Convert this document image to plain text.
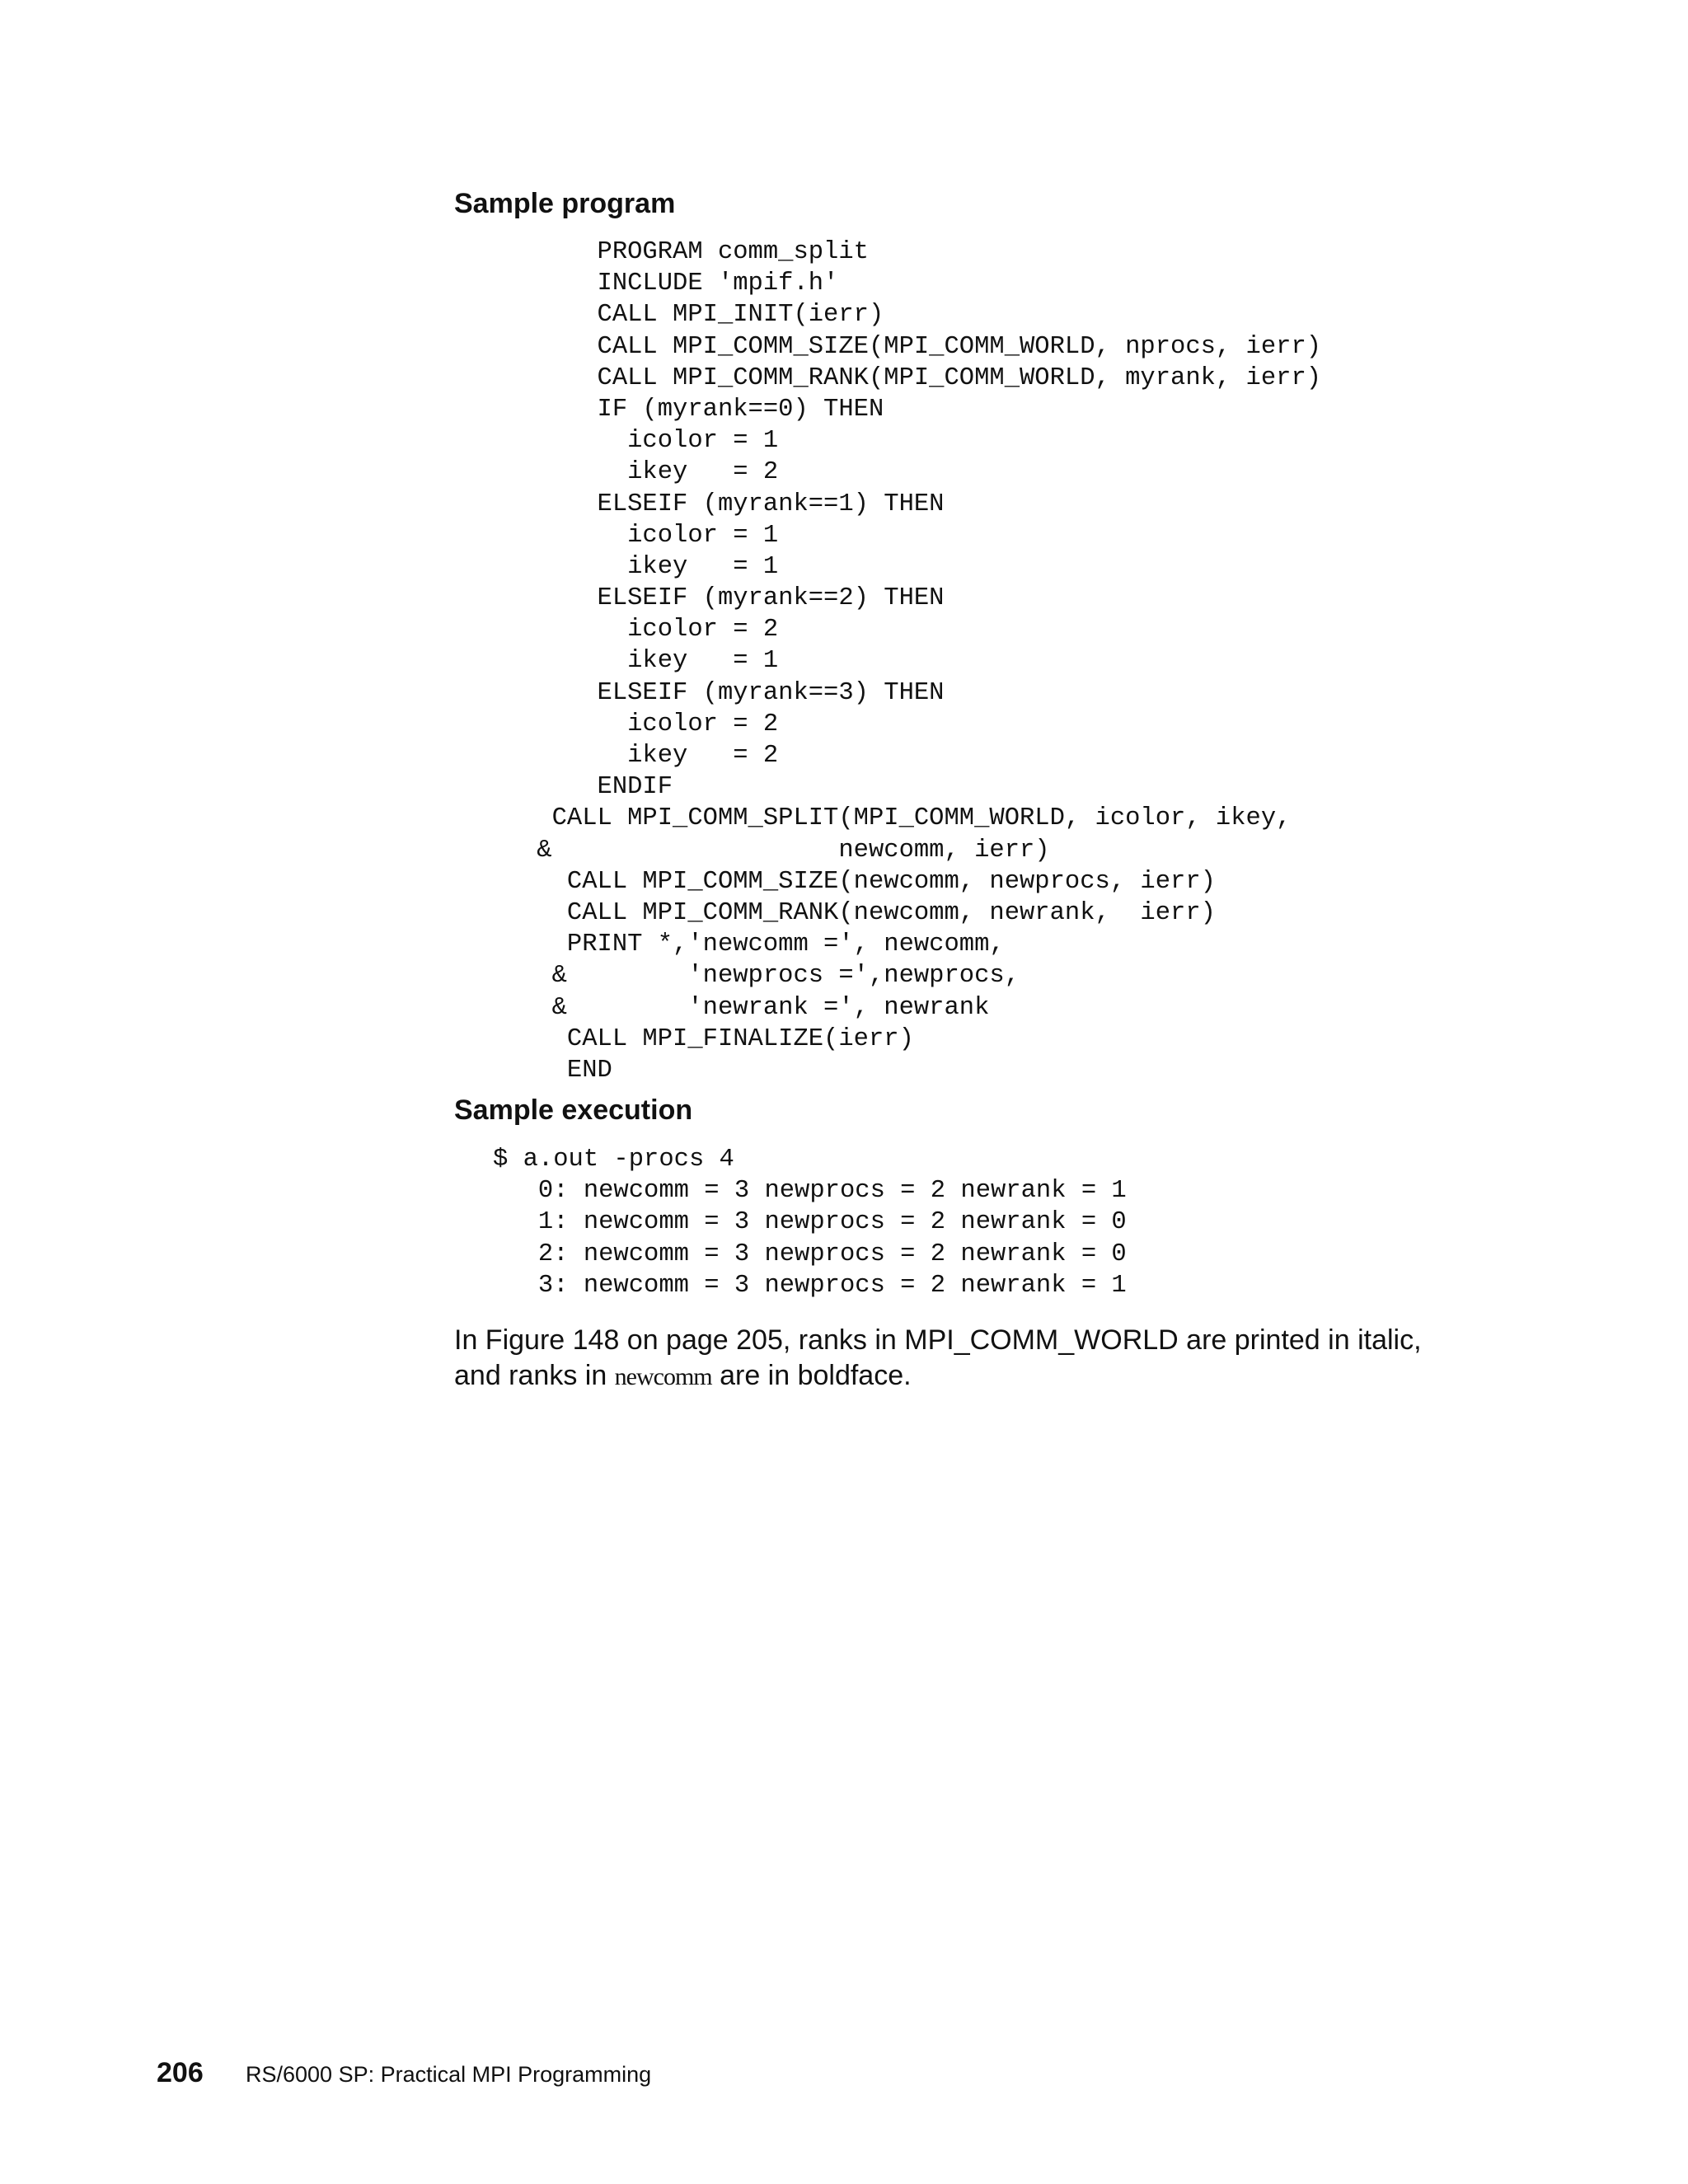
Sample program
PROGRAM comm_split
INCLUDE 'mpif.h'
CALL MPI_INIT(ierr)
CALL MPI_COMM_SIZE(MPI_COMM_WORLD, nprocs, ierr)
CALL MPI_COMM_RANK(MPI_COMM_WORLD, myrank, ierr)
IF (myrank==0) THEN
icolor = 1
ikey   = 2
ELSEIF (myrank==1) THEN
icolor = 1
ikey   = 1
ELSEIF (myrank==2) THEN
icolor = 2
ikey   = 1
ELSEIF (myrank==3) THEN
icolor = 2
ikey   = 2
ENDIF
CALL MPI_COMM_SPLIT(MPI_COMM_WORLD, icolor, ikey,
&                   newcomm, ierr)
CALL MPI_COMM_SIZE(newcomm, newprocs, ierr)
CALL MPI_COMM_RANK(newcomm, newrank,  ierr)
PRINT *,'newcomm =', newcomm,
&        'newprocs =',newprocs,
&        'newrank =', newrank
CALL MPI_FINALIZE(ierr)
END
Sample execution
$ a.out -procs 4
0: newcomm = 3 newprocs = 2 newrank = 1
1: newcomm = 3 newprocs = 2 newrank = 0
2: newcomm = 3 newprocs = 2 newrank = 0
3: newcomm = 3 newprocs = 2 newrank = 1

In Figure 148 on page 205, ranks in MPI_COMM_WORLD are printed in italic, and ranks in newcomm are in boldface.

206 RS/6000 SP: Practical MPI Programming
